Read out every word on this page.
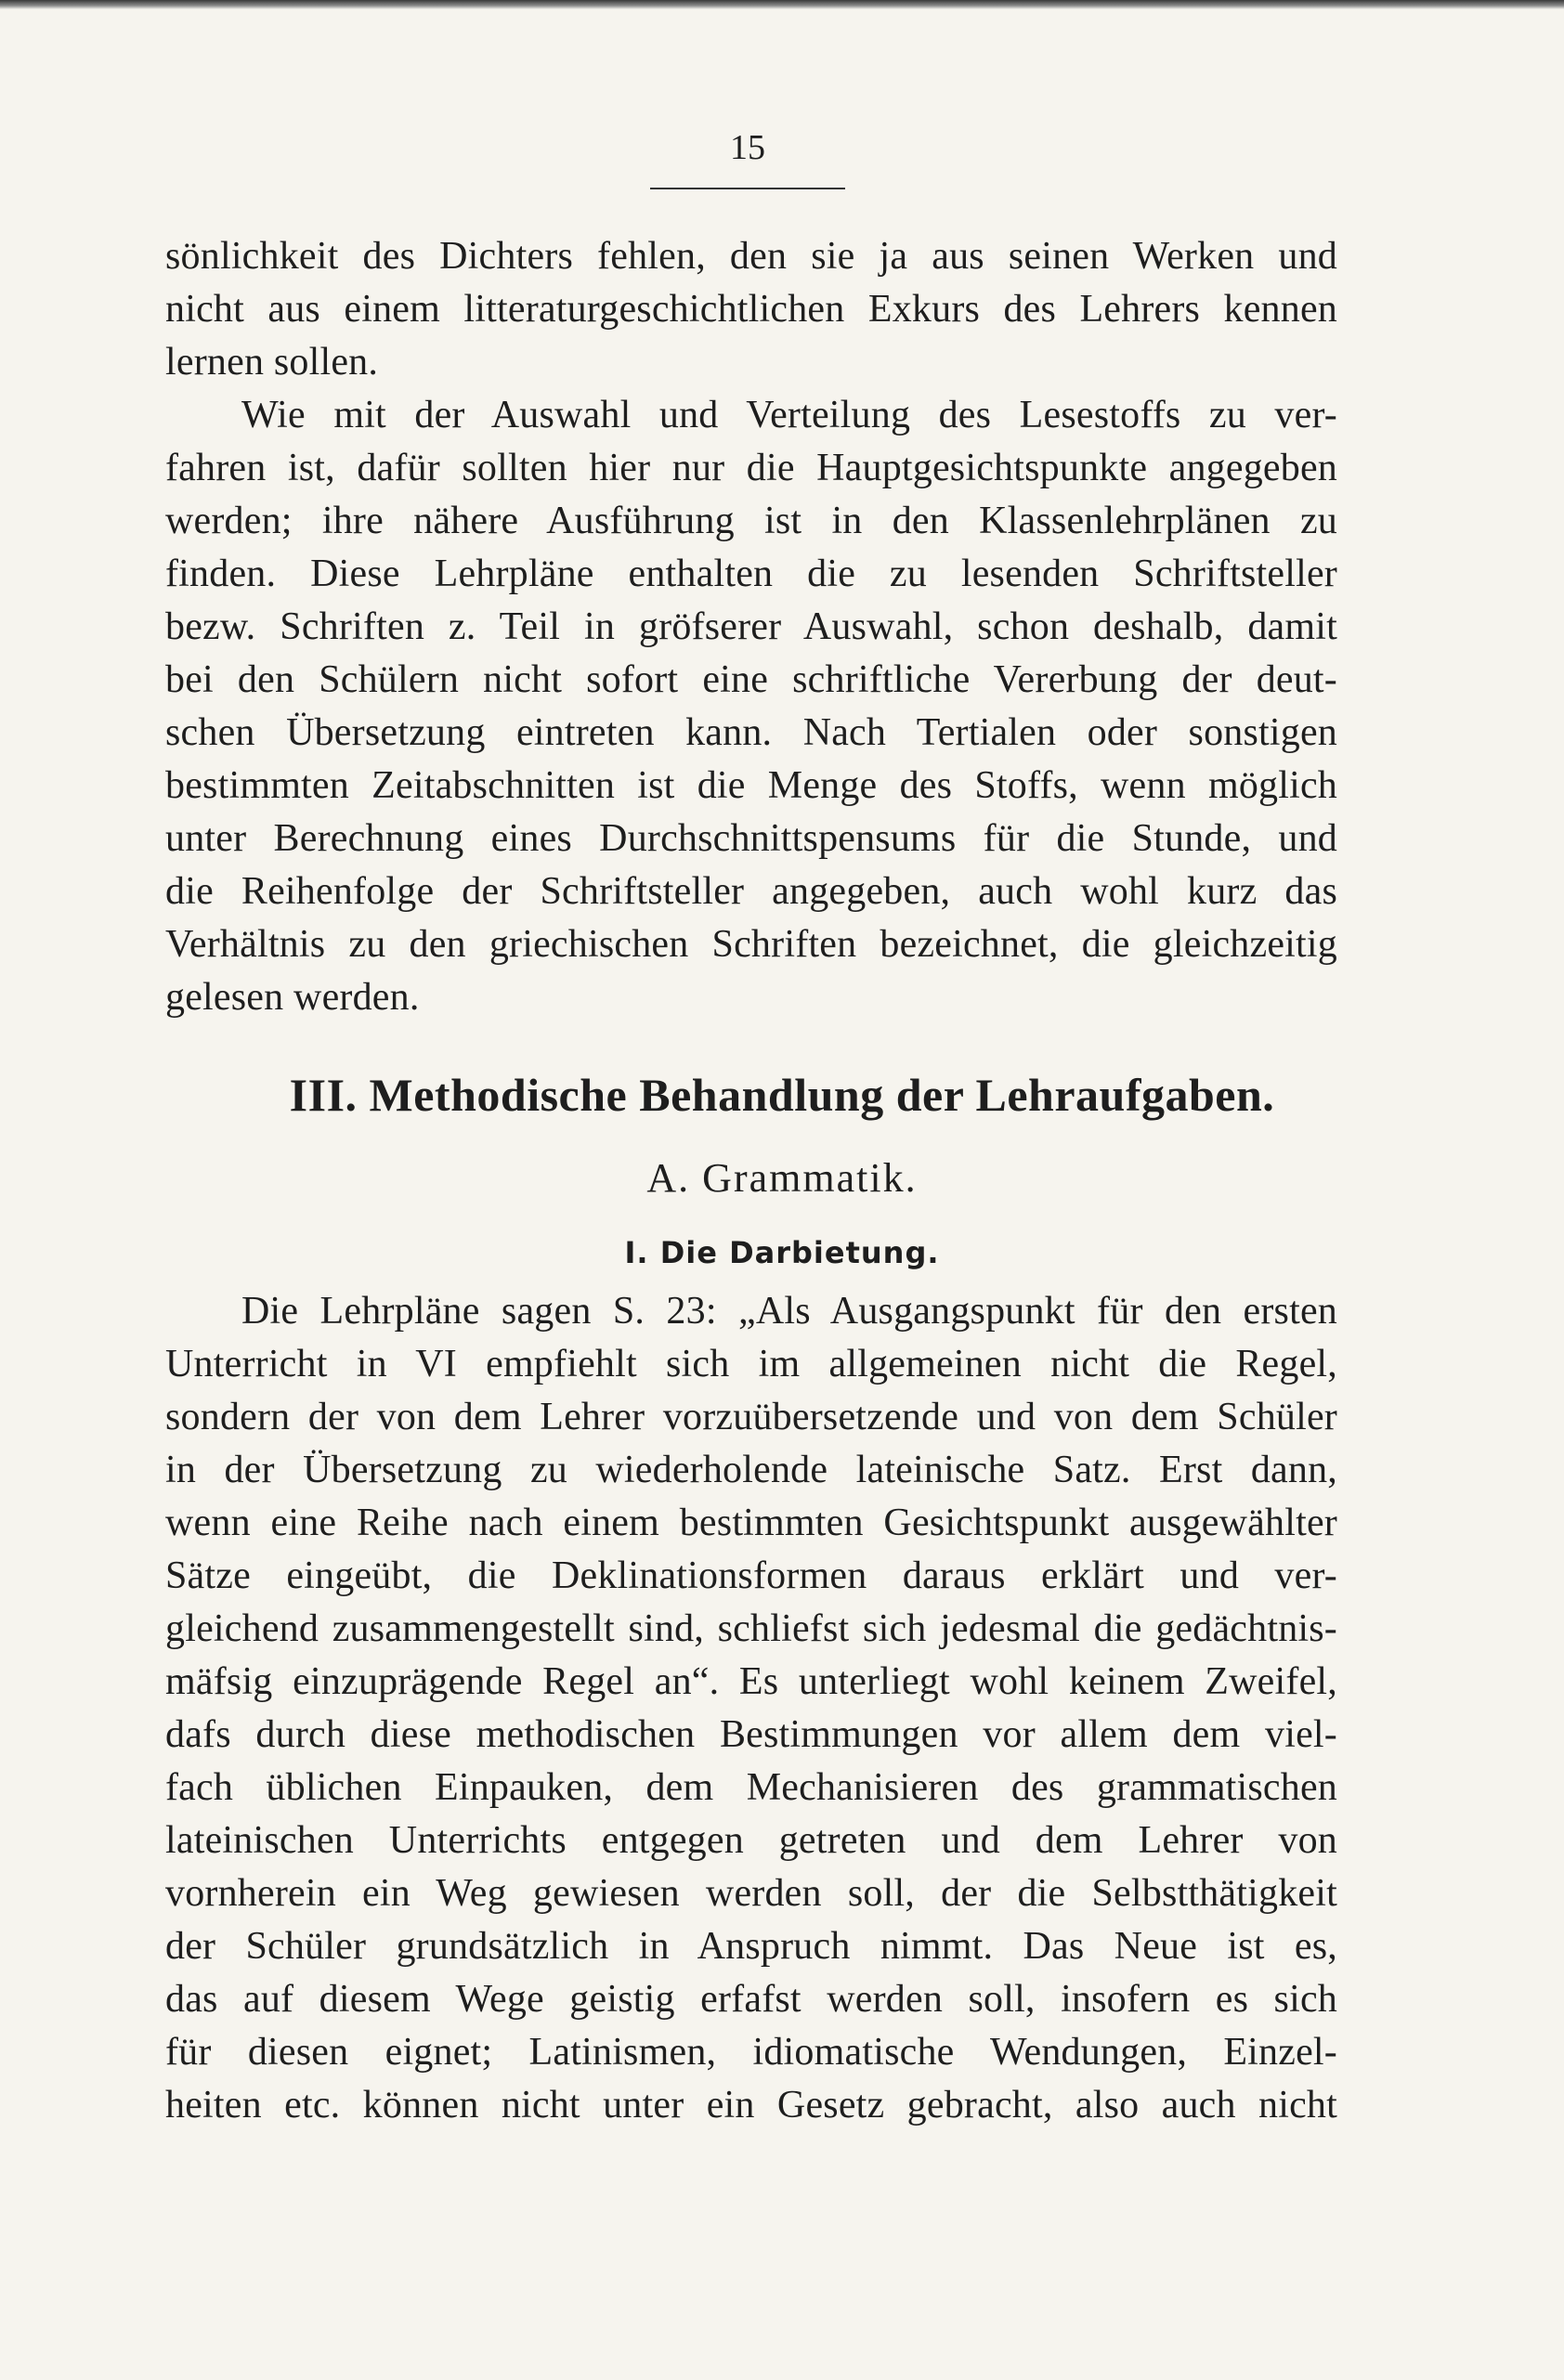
15
sönlichkeit des Dichters fehlen, den sie ja aus seinen Werken und
nicht aus einem litteraturgeschichtlichen Exkurs des Lehrers kennen
lernen sollen.
Wie mit der Auswahl und Verteilung des Lesestoffs zu ver-
fahren ist, dafür sollten hier nur die Hauptgesichtspunkte angegeben
werden; ihre nähere Ausführung ist in den Klassenlehrplänen zu
finden. Diese Lehrpläne enthalten die zu lesenden Schriftsteller
bezw. Schriften z. Teil in gröfserer Auswahl, schon deshalb, damit
bei den Schülern nicht sofort eine schriftliche Vererbung der deut-
schen Übersetzung eintreten kann. Nach Tertialen oder sonstigen
bestimmten Zeitabschnitten ist die Menge des Stoffs, wenn möglich
unter Berechnung eines Durchschnittspensums für die Stunde, und
die Reihenfolge der Schriftsteller angegeben, auch wohl kurz das
Verhältnis zu den griechischen Schriften bezeichnet, die gleichzeitig
gelesen werden.
III. Methodische Behandlung der Lehraufgaben.
A. Grammatik.
I. Die Darbietung.
Die Lehrpläne sagen S. 23: „Als Ausgangspunkt für den ersten
Unterricht in VI empfiehlt sich im allgemeinen nicht die Regel,
sondern der von dem Lehrer vorzuübersetzende und von dem Schüler
in der Übersetzung zu wiederholende lateinische Satz. Erst dann,
wenn eine Reihe nach einem bestimmten Gesichtspunkt ausgewählter
Sätze eingeübt, die Deklinationsformen daraus erklärt und ver-
gleichend zusammengestellt sind, schliefst sich jedesmal die gedächtnis-
mäfsig einzuprägende Regel an“. Es unterliegt wohl keinem Zweifel,
dafs durch diese methodischen Bestimmungen vor allem dem viel-
fach üblichen Einpauken, dem Mechanisieren des grammatischen
lateinischen Unterrichts entgegen getreten und dem Lehrer von
vornherein ein Weg gewiesen werden soll, der die Selbstthätigkeit
der Schüler grundsätzlich in Anspruch nimmt. Das Neue ist es,
das auf diesem Wege geistig erfafst werden soll, insofern es sich
für diesen eignet; Latinismen, idiomatische Wendungen, Einzel-
heiten etc. können nicht unter ein Gesetz gebracht, also auch nicht
